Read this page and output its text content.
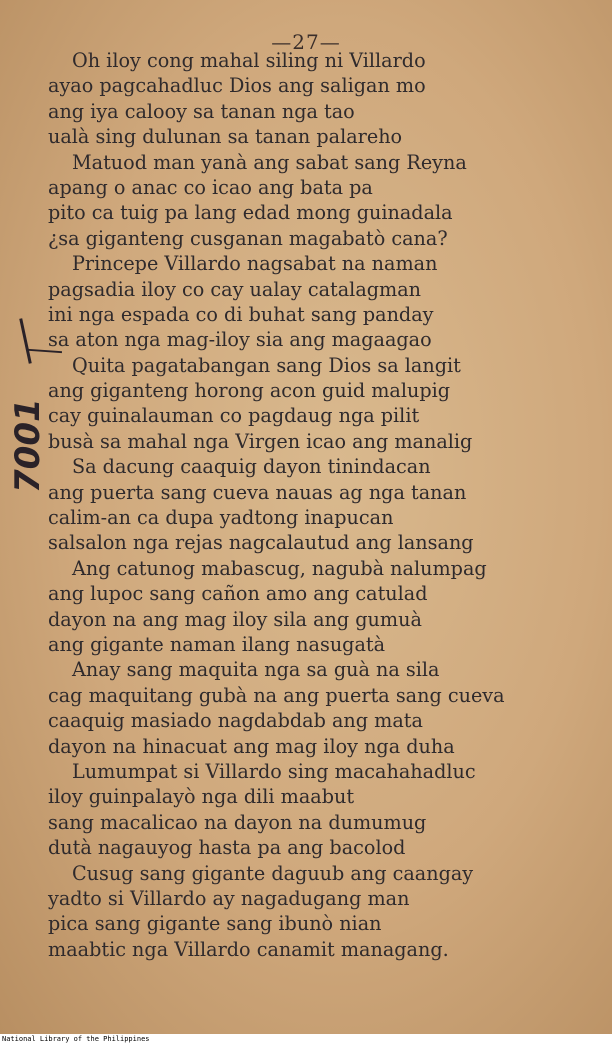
—27—
7001
Oh iloy cong mahal siling ni Villardo
ayao pagcahadluc Dios ang saligan mo
ang iya calooy sa tanan nga tao
ualà sing dulunan sa tanan palareho
Matuod man yanà ang sabat sang Reyna
apang o anac co icao ang bata pa
pito ca tuig pa lang edad mong guinadala
¿sa giganteng cusganan magabatò cana?
Princepe Villardo nagsabat na naman
pagsadia iloy co cay ualay catalagman
ini nga espada co di buhat sang panday
sa aton nga mag-iloy sia ang magaagao
Quita pagatabangan sang Dios sa langit
ang giganteng horong acon guid malupig
cay guinalauman co pagdaug nga pilit
busà sa mahal nga Virgen icao ang manalig
Sa dacung caaquig dayon tinindacan
ang puerta sang cueva nauas ag nga tanan
calim-an ca dupa yadtong inapucan
salsalon nga rejas nagcalautud ang lansang
Ang catunog mabascug, nagubà nalumpag
ang lupoc sang cañon amo ang catulad
dayon na ang mag iloy sila ang gumuà
ang gigante naman ilang nasugatà
Anay sang maquita nga sa guà na sila
cag maquitang gubà na ang puerta sang cueva
caaquig masiado nagdabdab ang mata
dayon na hinacuat ang mag iloy nga duha
Lumumpat si Villardo sing macahahadluc
iloy guinpalayò nga dili maabut
sang macalicao na dayon na dumumug
dutà nagauyog hasta pa ang bacolod
Cusug sang gigante daguub ang caangay
yadto si Villardo ay nagadugang man
pica sang gigante sang ibunò nian
maabtic nga Villardo canamit managang.
National Library of the Philippines
